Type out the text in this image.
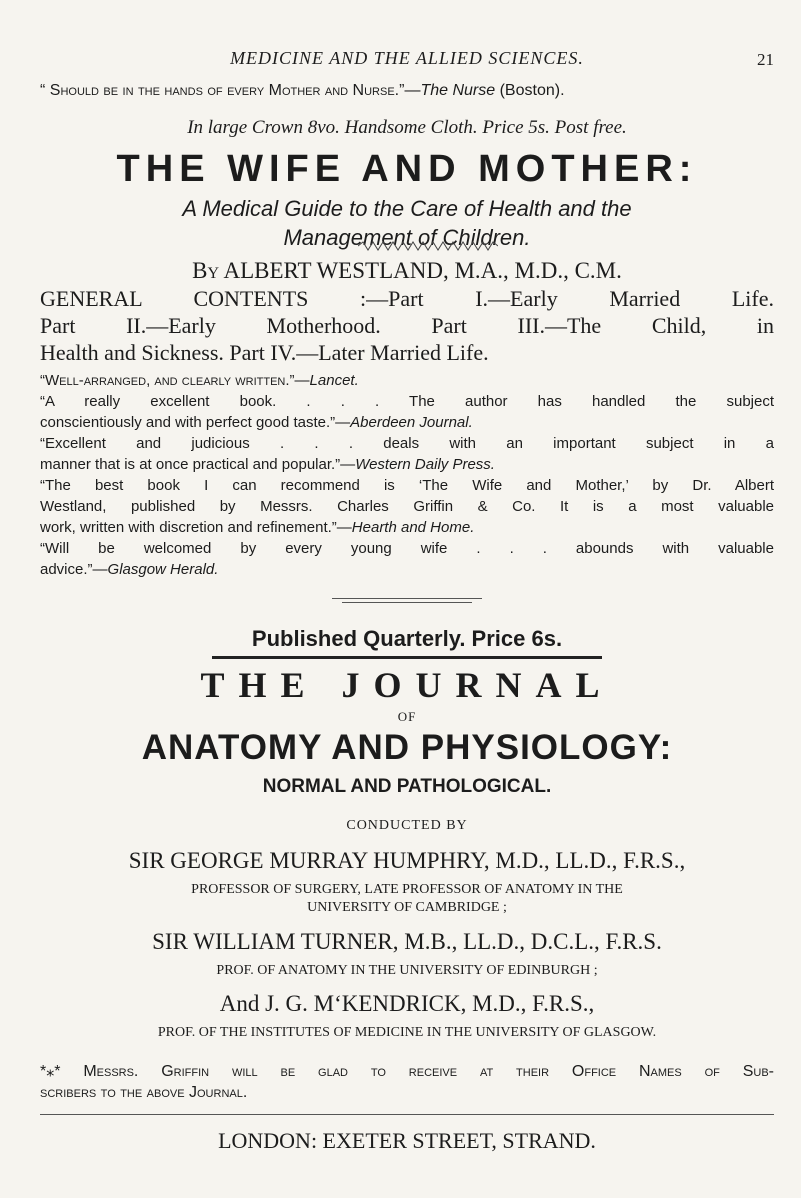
MEDICINE AND THE ALLIED SCIENCES.	21
“ Should be in the hands of every Mother and Nurse.”—The Nurse (Boston).
In large Crown 8vo. Handsome Cloth. Price 5s. Post free.
THE WIFE AND MOTHER:
A Medical Guide to the Care of Health and the
Management of Children.
By ALBERT WESTLAND, M.A., M.D., C.M.
GENERAL CONTENTS :—Part I.—Early Married Life.
Part II.—Early Motherhood. Part III.—The Child, in
Health and Sickness. Part IV.—Later Married Life.
“Well-arranged, and clearly written.”—Lancet.
“A really excellent book. . . . The author has handled the subject
conscientiously and with perfect good taste.”—Aberdeen Journal.
“Excellent and judicious . . . deals with an important subject in a
manner that is at once practical and popular.”—Western Daily Press.
“The best book I can recommend is ‘The Wife and Mother,’ by Dr. Albert
Westland, published by Messrs. Charles Griffin & Co. It is a most valuable
work, written with discretion and refinement.”—Hearth and Home.
“Will be welcomed by every young wife . . . abounds with valuable
advice.”—Glasgow Herald.
Published Quarterly. Price 6s.
THE JOURNAL
OF
ANATOMY AND PHYSIOLOGY:
NORMAL AND PATHOLOGICAL.
CONDUCTED BY
SIR GEORGE MURRAY HUMPHRY, M.D., LL.D., F.R.S.,
PROFESSOR OF SURGERY, LATE PROFESSOR OF ANATOMY IN THE
UNIVERSITY OF CAMBRIDGE ;
SIR WILLIAM TURNER, M.B., LL.D., D.C.L., F.R.S.
PROF. OF ANATOMY IN THE UNIVERSITY OF EDINBURGH ;
And J. G. M‘KENDRICK, M.D., F.R.S.,
PROF. OF THE INSTITUTES OF MEDICINE IN THE UNIVERSITY OF GLASGOW.
*⁎* Messrs. Griffin will be glad to receive at their Office Names of Sub-
scribers to the above Journal.
LONDON: EXETER STREET, STRAND.
